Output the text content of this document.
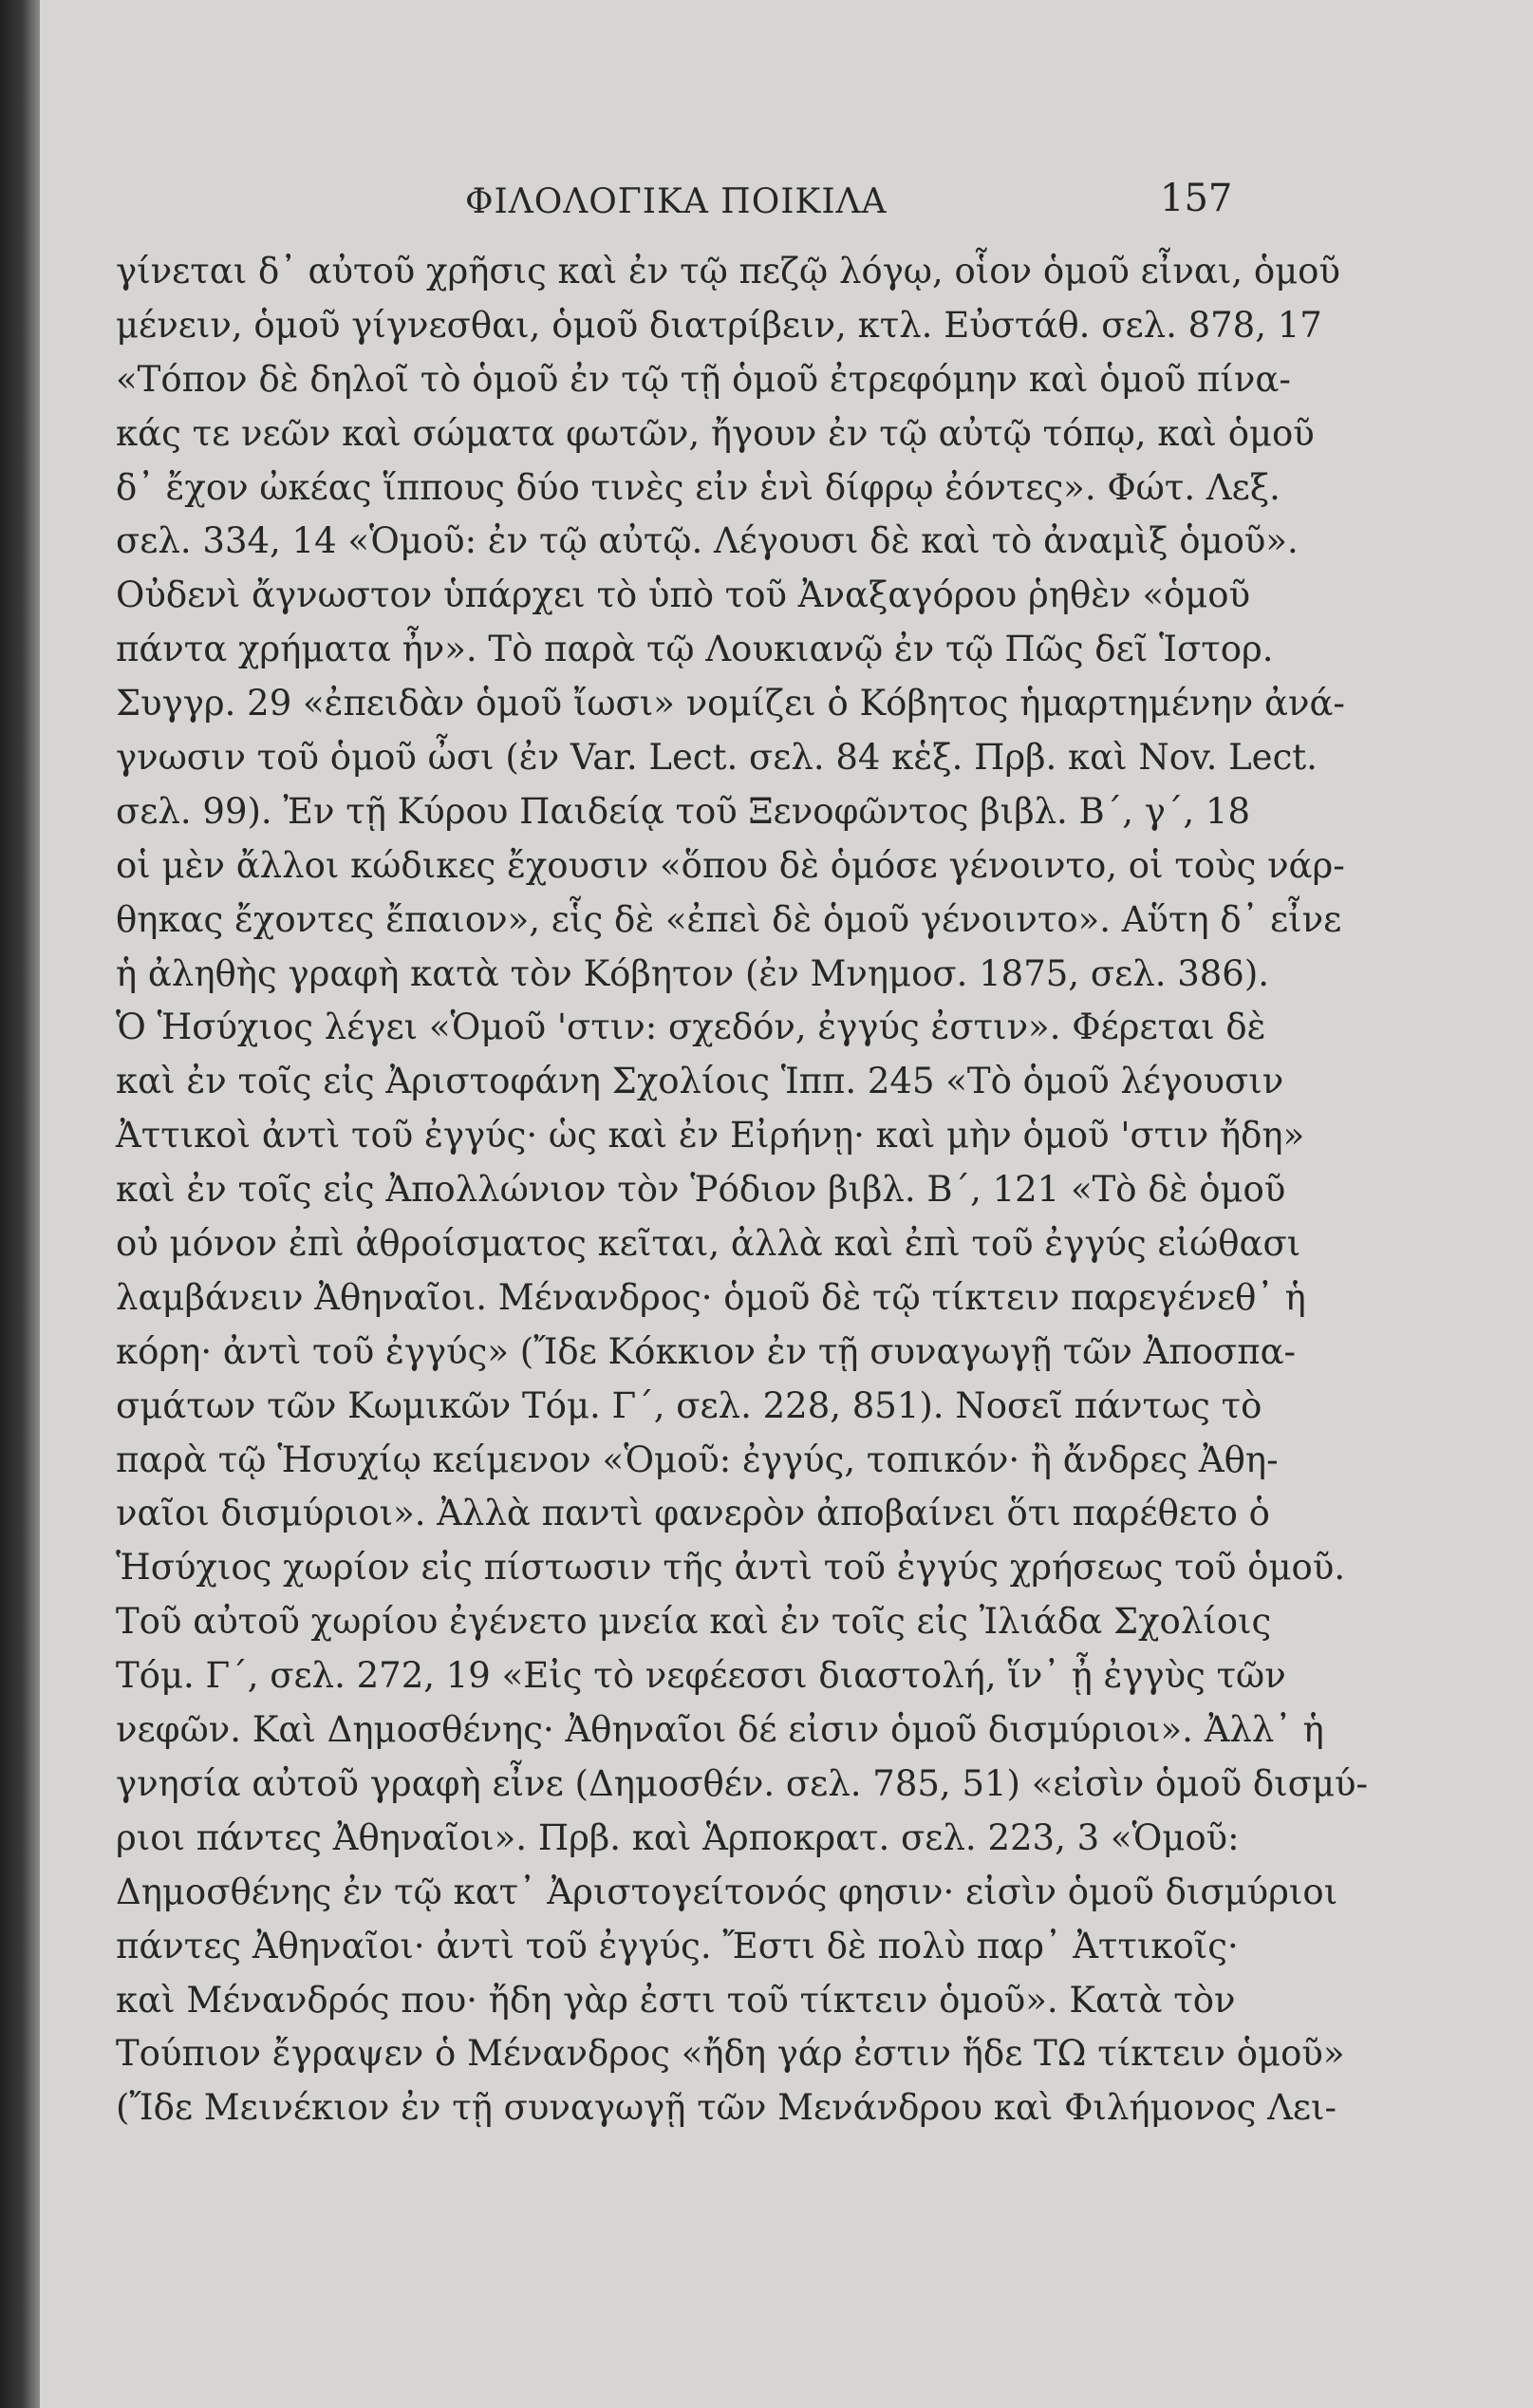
ΦΙΛΟΛΟΓΙΚΑ ΠΟΙΚΙΛΑ	157
γίνεται δ᾽ αὐτοῦ χρῆσις καὶ ἐν τῷ πεζῷ λόγῳ, οἷον ὁμοῦ εἶναι, ὁμοῦ
μένειν, ὁμοῦ γίγνεσθαι, ὁμοῦ διατρίβειν, κτλ. Εὐστάθ. σελ. 878, 17
«Τόπον δὲ δηλοῖ τὸ ὁμοῦ ἐν τῷ τῇ ὁμοῦ ἐτρεφόμην καὶ ὁμοῦ πίνα-
κάς τε νεῶν καὶ σώματα φωτῶν, ἤγουν ἐν τῷ αὐτῷ τόπῳ, καὶ ὁμοῦ
δ᾽ ἔχον ὠκέας ἵππους δύο τινὲς εἰν ἑνὶ δίφρῳ ἐόντες». Φώτ. Λεξ.
σελ. 334, 14 «Ὁμοῦ: ἐν τῷ αὐτῷ. Λέγουσι δὲ καὶ τὸ ἀναμὶξ ὁμοῦ».
Οὐδενὶ ἄγνωστον ὑπάρχει τὸ ὑπὸ τοῦ Ἀναξαγόρου ῥηθὲν «ὁμοῦ
πάντα χρήματα ἦν». Τὸ παρὰ τῷ Λουκιανῷ ἐν τῷ Πῶς δεῖ Ἱστορ.
Συγγρ. 29 «ἐπειδὰν ὁμοῦ ἴωσι» νομίζει ὁ Κόβητος ἡμαρτημένην ἀνά-
γνωσιν τοῦ ὁμοῦ ὦσι (ἐν Var. Lect. σελ. 84 κἑξ. Πρβ. καὶ Nov. Lect.
σελ. 99). Ἐν τῇ Κύρου Παιδείᾳ τοῦ Ξενοφῶντος βιβλ. Β΄, γ΄, 18
οἱ μὲν ἄλλοι κώδικες ἔχουσιν «ὅπου δὲ ὁμόσε γένοιντο, οἱ τοὺς νάρ-
θηκας ἔχοντες ἔπαιον», εἷς δὲ «ἐπεὶ δὲ ὁμοῦ γένοιντο». Αὕτη δ᾽ εἶνε
ἡ ἀληθὴς γραφὴ κατὰ τὸν Κόβητον (ἐν Μνημοσ. 1875, σελ. 386).
Ὁ Ἡσύχιος λέγει «Ὁμοῦ 'στιν: σχεδόν, ἐγγύς ἐστιν». Φέρεται δὲ
καὶ ἐν τοῖς εἰς Ἀριστοφάνη Σχολίοις Ἱππ. 245 «Τὸ ὁμοῦ λέγουσιν
Ἀττικοὶ ἀντὶ τοῦ ἐγγύς· ὡς καὶ ἐν Εἰρήνῃ· καὶ μὴν ὁμοῦ 'στιν ἤδη»
καὶ ἐν τοῖς εἰς Ἀπολλώνιον τὸν Ῥόδιον βιβλ. Β΄, 121 «Τὸ δὲ ὁμοῦ
οὐ μόνον ἐπὶ ἀθροίσματος κεῖται, ἀλλὰ καὶ ἐπὶ τοῦ ἐγγύς εἰώθασι
λαμβάνειν Ἀθηναῖοι. Μένανδρος· ὁμοῦ δὲ τῷ τίκτειν παρεγένεθ᾽ ἡ
κόρη· ἀντὶ τοῦ ἐγγύς» (Ἴδε Κόκκιον ἐν τῇ συναγωγῇ τῶν Ἀποσπα-
σμάτων τῶν Κωμικῶν Τόμ. Γ΄, σελ. 228, 851). Νοσεῖ πάντως τὸ
παρὰ τῷ Ἡσυχίῳ κείμενον «Ὁμοῦ: ἐγγύς, τοπικόν· ἢ ἄνδρες Ἀθη-
ναῖοι δισμύριοι». Ἀλλὰ παντὶ φανερὸν ἀποβαίνει ὅτι παρέθετο ὁ
Ἡσύχιος χωρίον εἰς πίστωσιν τῆς ἀντὶ τοῦ ἐγγύς χρήσεως τοῦ ὁμοῦ.
Τοῦ αὐτοῦ χωρίου ἐγένετο μνεία καὶ ἐν τοῖς εἰς Ἰλιάδα Σχολίοις
Τόμ. Γ΄, σελ. 272, 19 «Εἰς τὸ νεφέεσσι διαστολή, ἵν᾽ ᾖ ἐγγὺς τῶν
νεφῶν. Καὶ Δημοσθένης· Ἀθηναῖοι δέ εἰσιν ὁμοῦ δισμύριοι». Ἀλλ᾽ ἡ
γνησία αὐτοῦ γραφὴ εἶνε (Δημοσθέν. σελ. 785, 51) «εἰσὶν ὁμοῦ δισμύ-
ριοι πάντες Ἀθηναῖοι». Πρβ. καὶ Ἁρποκρατ. σελ. 223, 3 «Ὁμοῦ:
Δημοσθένης ἐν τῷ κατ᾽ Ἀριστογείτονός φησιν· εἰσὶν ὁμοῦ δισμύριοι
πάντες Ἀθηναῖοι· ἀντὶ τοῦ ἐγγύς. Ἔστι δὲ πολὺ παρ᾽ Ἀττικοῖς·
καὶ Μένανδρός που· ἤδη γὰρ ἐστι τοῦ τίκτειν ὁμοῦ». Κατὰ τὸν
Τούπιον ἔγραψεν ὁ Μένανδρος «ἤδη γάρ ἐστιν ἥδε ΤΩ τίκτειν ὁμοῦ»
(Ἴδε Μεινέκιον ἐν τῇ συναγωγῇ τῶν Μενάνδρου καὶ Φιλήμονος Λει-
